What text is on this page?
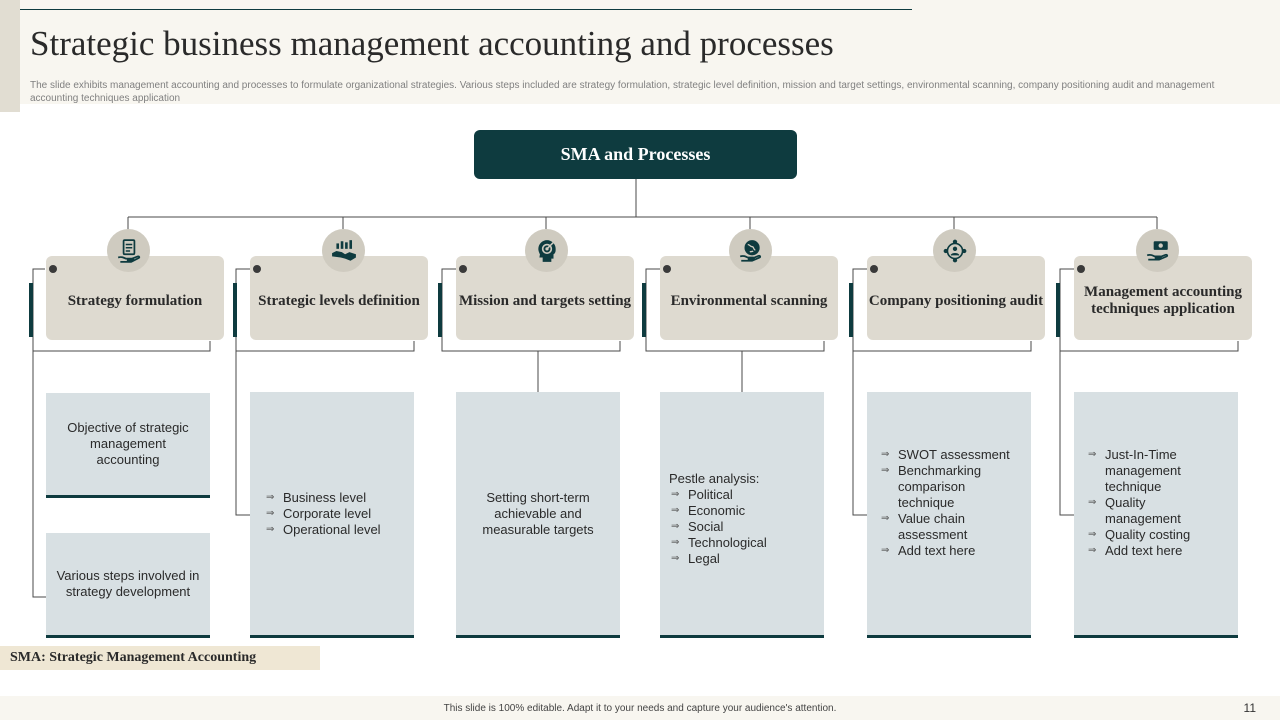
Strategic business management accounting and processes

The slide exhibits management accounting and processes to formulate organizational strategies. Various steps included are strategy formulation, strategic level definition, mission and target settings, environmental scanning, company positioning audit and management accounting techniques application

SMA and Processes
Strategy formulation	Strategic levels definition	Mission and targets setting	Environmental scanning	Company positioning audit
Management accounting techniques application
Objective of strategic management accounting
Various steps involved in strategy development
⇒ Business level
⇒ Corporate level
⇒ Operational level
Setting short-term achievable and measurable targets
Pestle analysis:
⇒ Political
⇒ Economic
⇒ Social
⇒ Technological
⇒ Legal
⇒ SWOT assessment
⇒ Benchmarking comparison technique
⇒ Value chain assessment
⇒ Add text here
⇒ Just-In-Time management technique
⇒ Quality management
⇒ Quality costing
⇒ Add text here
SMA: Strategic Management Accounting
This slide is 100% editable. Adapt it to your needs and capture your audience's attention.	11
